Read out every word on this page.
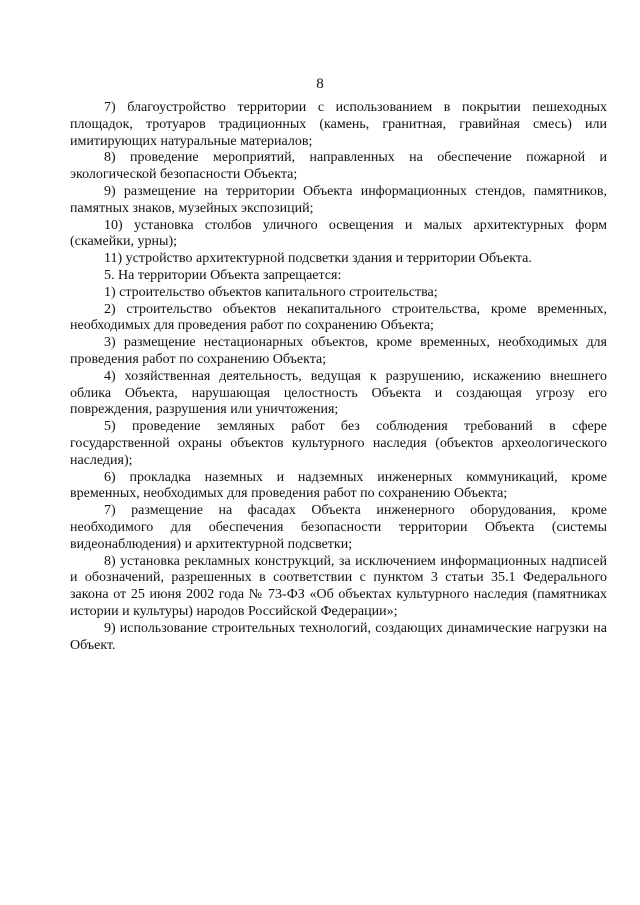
8

7) благоустройство территории с использованием в покрытии пешеходных площадок, тротуаров традиционных (камень, гранитная, гравийная смесь) или имитирующих натуральные материалов;

8) проведение мероприятий, направленных на обеспечение пожарной и экологической безопасности Объекта;

9) размещение на территории Объекта информационных стендов, памятников, памятных знаков, музейных экспозиций;

10) установка столбов уличного освещения и малых архитектурных форм (скамейки, урны);

11) устройство архитектурной подсветки здания и территории Объекта.

5. На территории Объекта запрещается:

1) строительство объектов капитального строительства;

2) строительство объектов некапитального строительства, кроме временных, необходимых для проведения работ по сохранению Объекта;

3) размещение нестационарных объектов, кроме временных, необходимых для проведения работ по сохранению Объекта;

4) хозяйственная деятельность, ведущая к разрушению, искажению внешнего облика Объекта, нарушающая целостность Объекта и создающая угрозу его повреждения, разрушения или уничтожения;

5) проведение земляных работ без соблюдения требований в сфере государственной охраны объектов культурного наследия (объектов археологического наследия);

6) прокладка наземных и надземных инженерных коммуникаций, кроме временных, необходимых для проведения работ по сохранению Объекта;

7) размещение на фасадах Объекта инженерного оборудования, кроме необходимого для обеспечения безопасности территории Объекта (системы видеонаблюдения) и архитектурной подсветки;

8) установка рекламных конструкций, за исключением информационных надписей и обозначений, разрешенных в соответствии с пунктом 3 статьи 35.1 Федерального закона от 25 июня 2002 года № 73-ФЗ «Об объектах культурного наследия (памятниках истории и культуры) народов Российской Федерации»;

9) использование строительных технологий, создающих динамические нагрузки на Объект.
